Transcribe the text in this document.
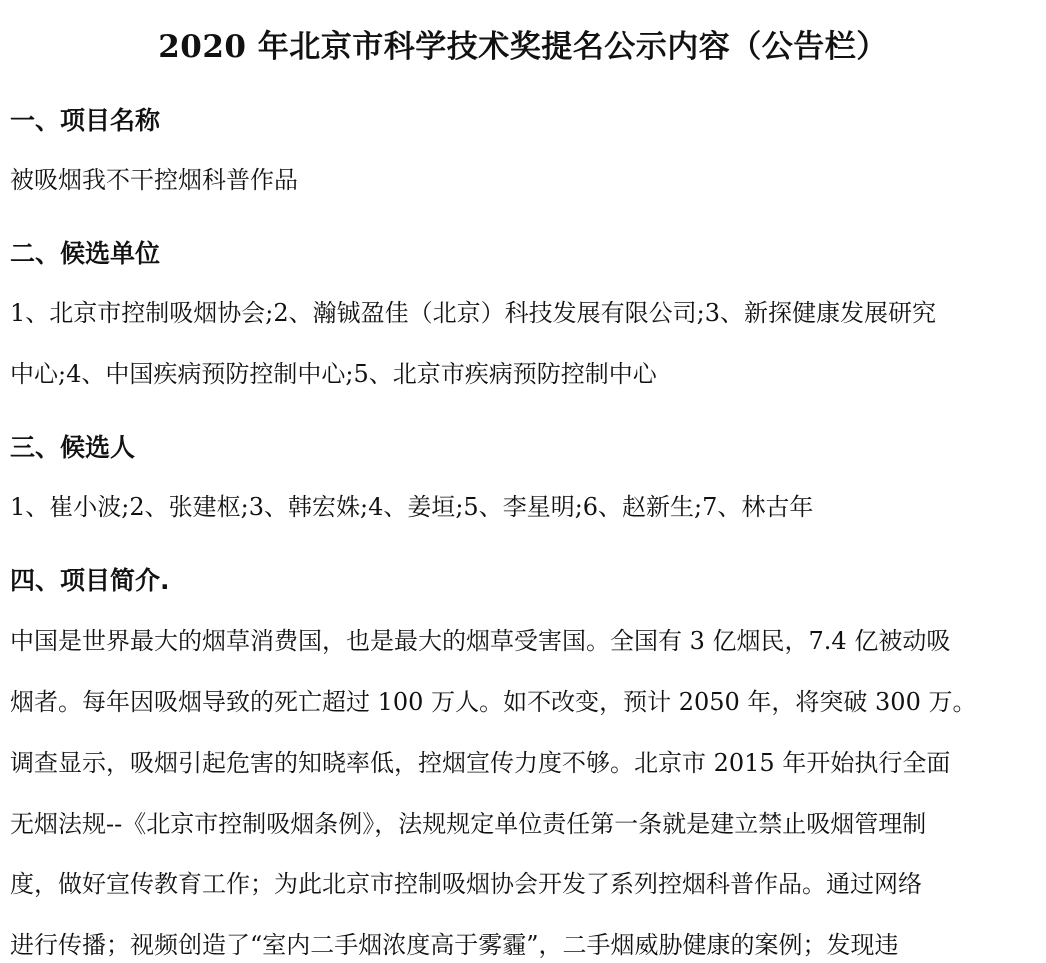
2020 年北京市科学技术奖提名公示内容（公告栏）
一、项目名称
被吸烟我不干控烟科普作品
二、候选单位
1、北京市控制吸烟协会;2、瀚铖盈佳（北京）科技发展有限公司;3、新探健康发展研究
中心;4、中国疾病预防控制中心;5、北京市疾病预防控制中心
三、候选人
1、崔小波;2、张建枢;3、韩宏姝;4、姜垣;5、李星明;6、赵新生;7、林古年
四、项目简介.
中国是世界最大的烟草消费国，也是最大的烟草受害国。全国有 3 亿烟民，7.4 亿被动吸
烟者。每年因吸烟导致的死亡超过 100 万人。如不改变，预计 2050 年，将突破 300 万。
调查显示，吸烟引起危害的知晓率低，控烟宣传力度不够。北京市 2015 年开始执行全面
无烟法规--《北京市控制吸烟条例》，法规规定单位责任第一条就是建立禁止吸烟管理制
度，做好宣传教育工作；为此北京市控制吸烟协会开发了系列控烟科普作品。通过网络
进行传播；视频创造了“室内二手烟浓度高于雾霾”，二手烟威胁健康的案例；发现违
